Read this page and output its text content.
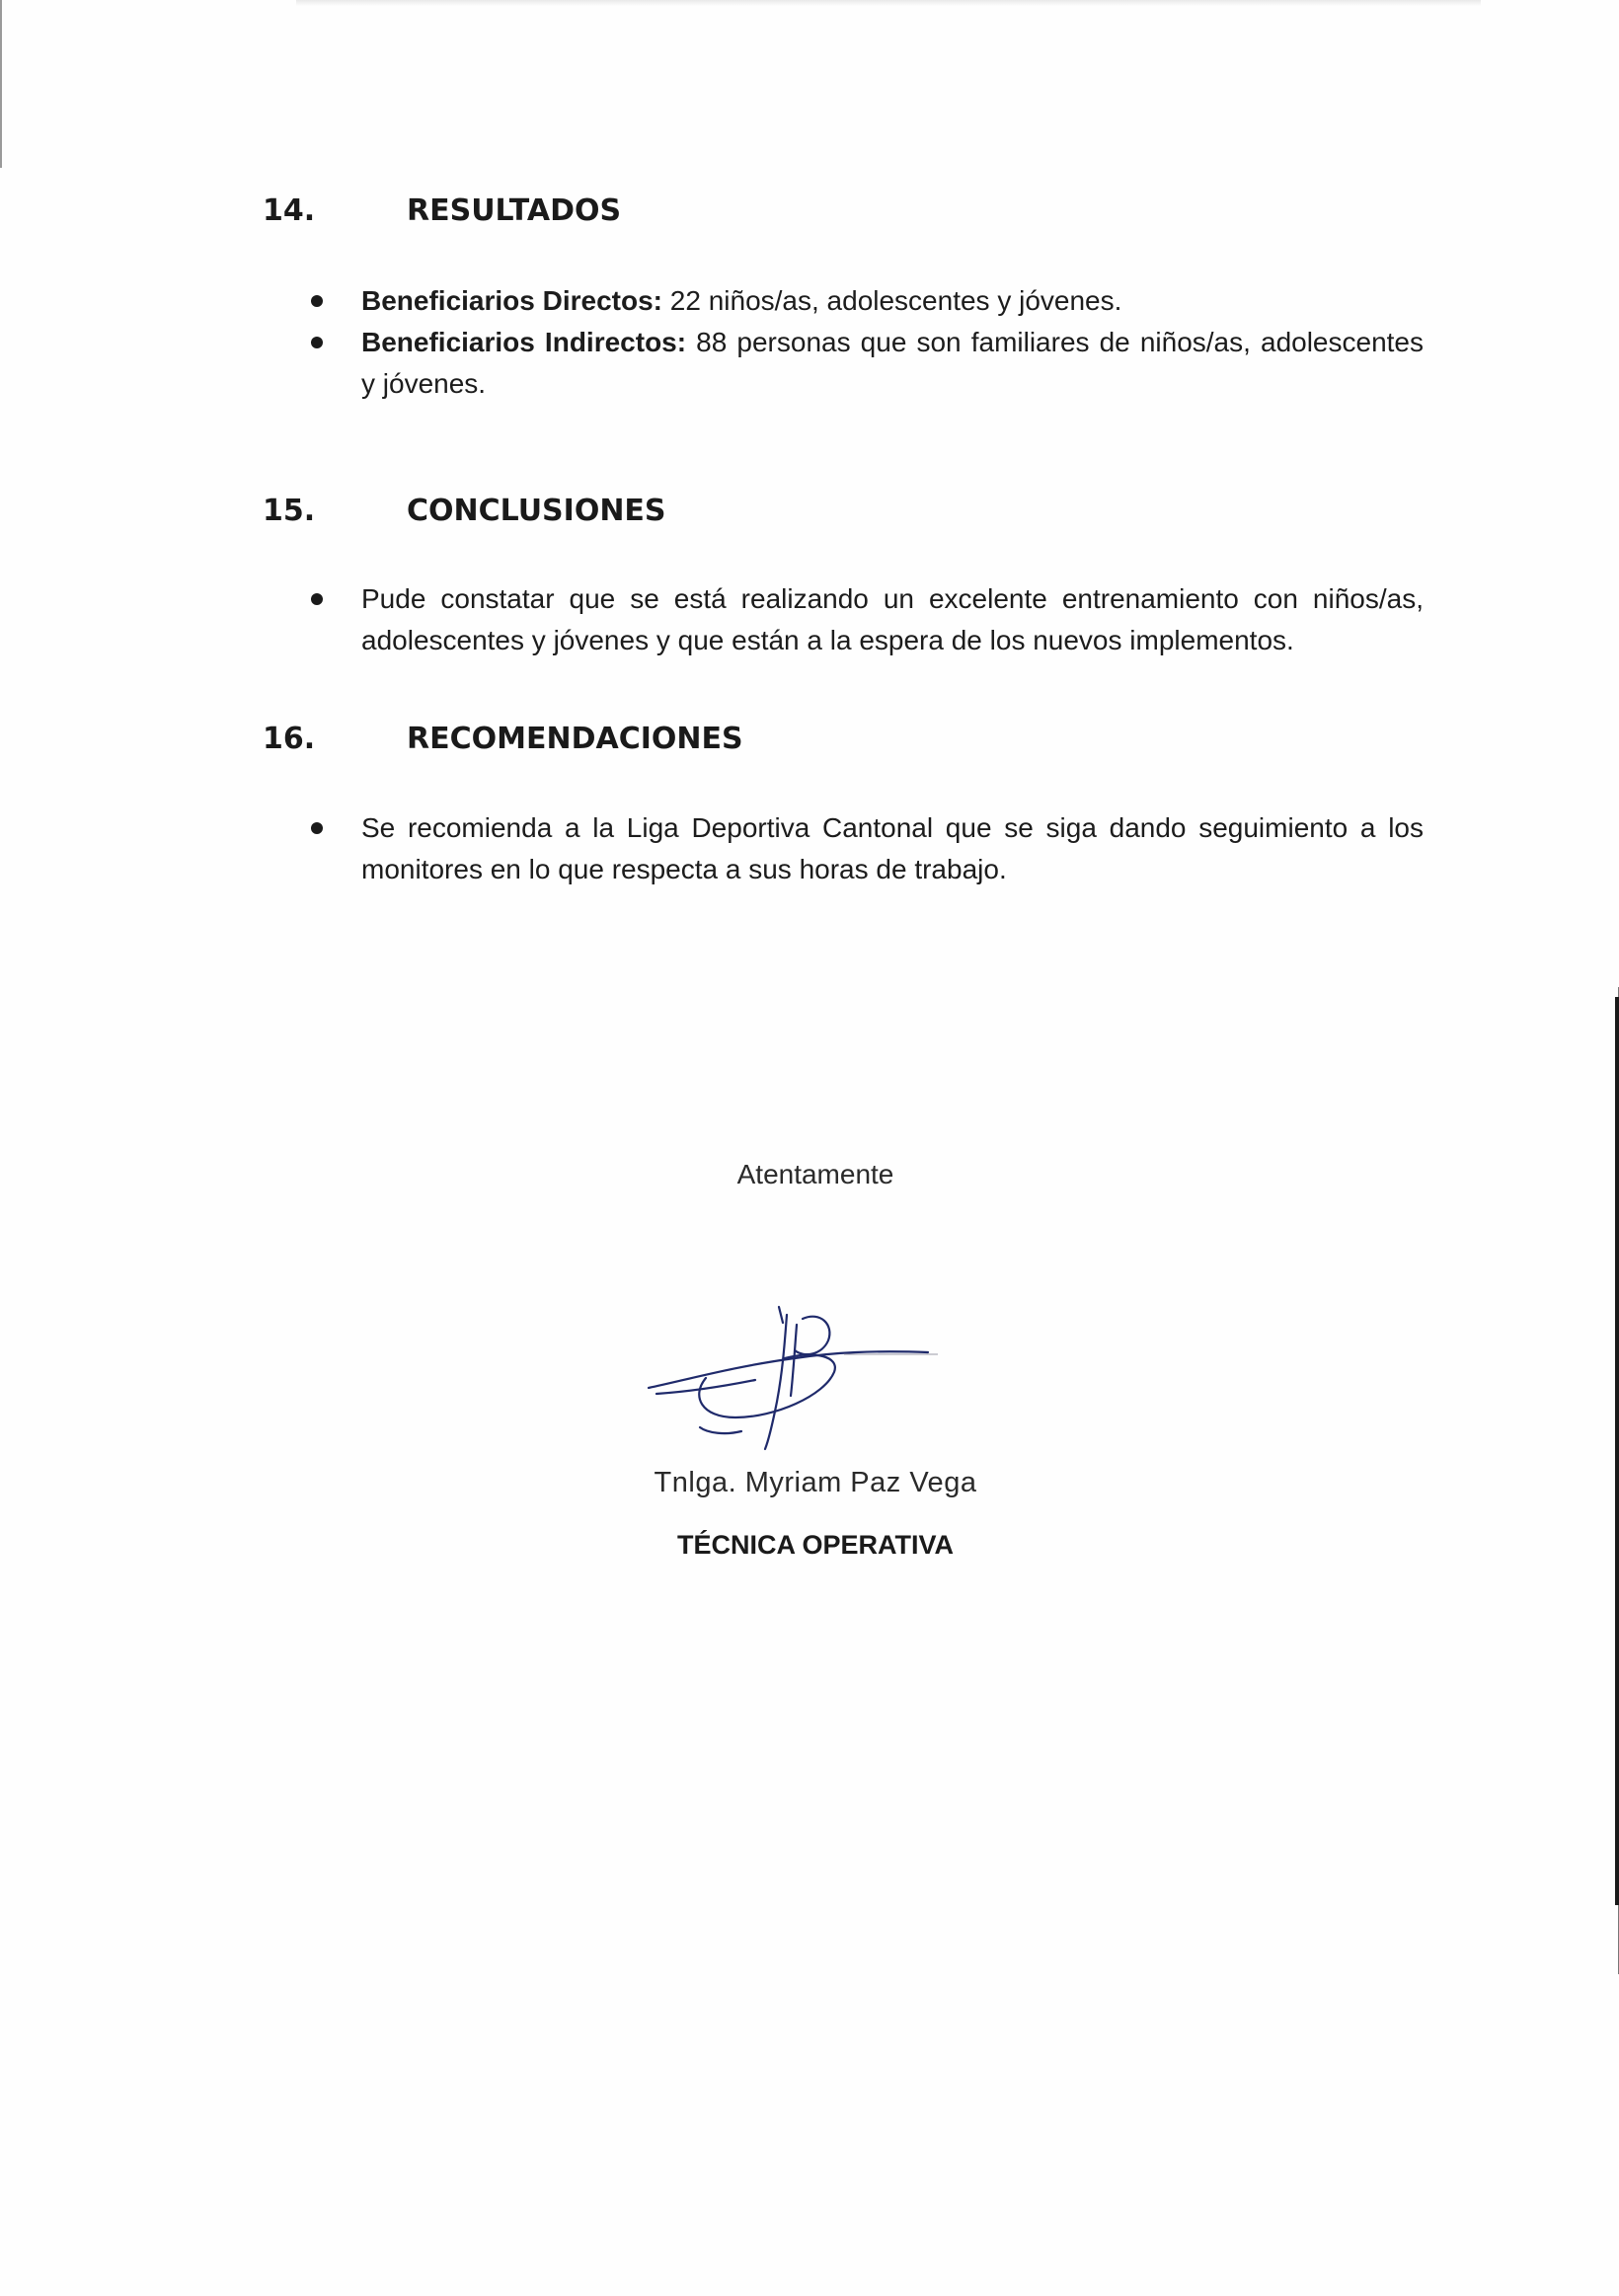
14.	RESULTADOS
Beneficiarios Directos: 22 niños/as, adolescentes y jóvenes.
Beneficiarios Indirectos: 88 personas que son familiares de niños/as, adolescentes y jóvenes.
15.	CONCLUSIONES
Pude constatar que se está realizando un excelente entrenamiento con niños/as, adolescentes y jóvenes y que están a la espera de los nuevos implementos.
16.	RECOMENDACIONES
Se recomienda a la Liga Deportiva Cantonal que se siga dando seguimiento a los monitores en lo que respecta a sus horas de trabajo.

Atentamente

Tnlga. Myriam Paz Vega

TÉCNICA OPERATIVA
